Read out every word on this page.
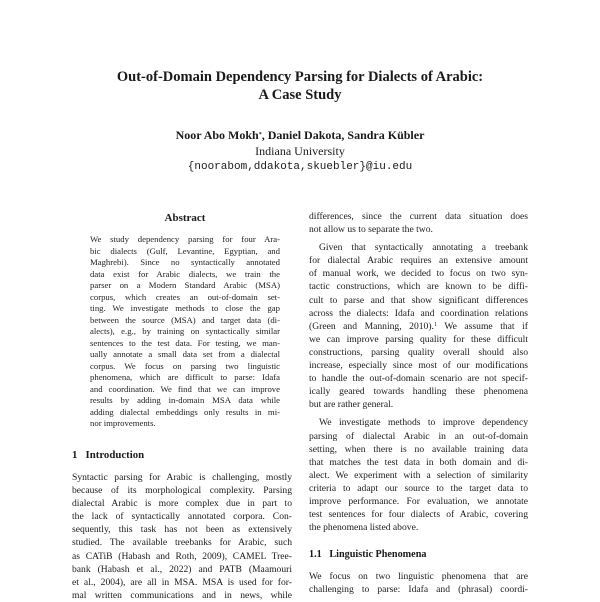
Out-of-Domain Dependency Parsing for Dialects of Arabic:
A Case Study
Noor Abo Mokh*, Daniel Dakota, Sandra Kübler
Indiana University
{noorabom,ddakota,skuebler}@iu.edu
Abstract
We study dependency parsing for four Ara-
bic dialects (Gulf, Levantine, Egyptian, and
Maghrebi). Since no syntactically annotated
data exist for Arabic dialects, we train the
parser on a Modern Standard Arabic (MSA)
corpus, which creates an out-of-domain set-
ting. We investigate methods to close the gap
between the source (MSA) and target data (di-
alects), e.g., by training on syntactically similar
sentences to the test data. For testing, we man-
ually annotate a small data set from a dialectal
corpus. We focus on parsing two linguistic
phenomena, which are difficult to parse: Idafa
and coordination. We find that we can improve
results by adding in-domain MSA data while
adding dialectal embeddings only results in mi-
nor improvements.
1 Introduction
Syntactic parsing for Arabic is challenging, mostly
because of its morphological complexity. Parsing
dialectal Arabic is more complex due in part to
the lack of syntactically annotated corpora. Con-
sequently, this task has not been as extensively
studied. The available treebanks for Arabic, such
as CATiB (Habash and Roth, 2009), CAMEL Tree-
bank (Habash et al., 2022) and PATB (Maamouri
et al., 2004), are all in MSA. MSA is used for for-
mal written communications and in news, while
differences, since the current data situation does
not allow us to separate the two.
Given that syntactically annotating a treebank
for dialectal Arabic requires an extensive amount
of manual work, we decided to focus on two syn-
tactic constructions, which are known to be diffi-
cult to parse and that show significant differences
across the dialects: Idafa and coordination relations
(Green and Manning, 2010).$^1$ We assume that if
we can improve parsing quality for these difficult
constructions, parsing quality overall should also
increase, especially since most of our modifications
to handle the out-of-domain scenario are not specif-
ically geared towards handling these phenomena
but are rather general.
We investigate methods to improve dependency
parsing of dialectal Arabic in an out-of-domain
setting, when there is no available training data
that matches the test data in both domain and di-
alect. We experiment with a selection of similarity
criteria to adapt our source to the target data to
improve performance. For evaluation, we annotate
test sentences for four dialects of Arabic, covering
the phenomena listed above.
1.1 Linguistic Phenomena
We focus on two linguistic phenomena that are
challenging to parse: Idafa and (phrasal) coordi-
